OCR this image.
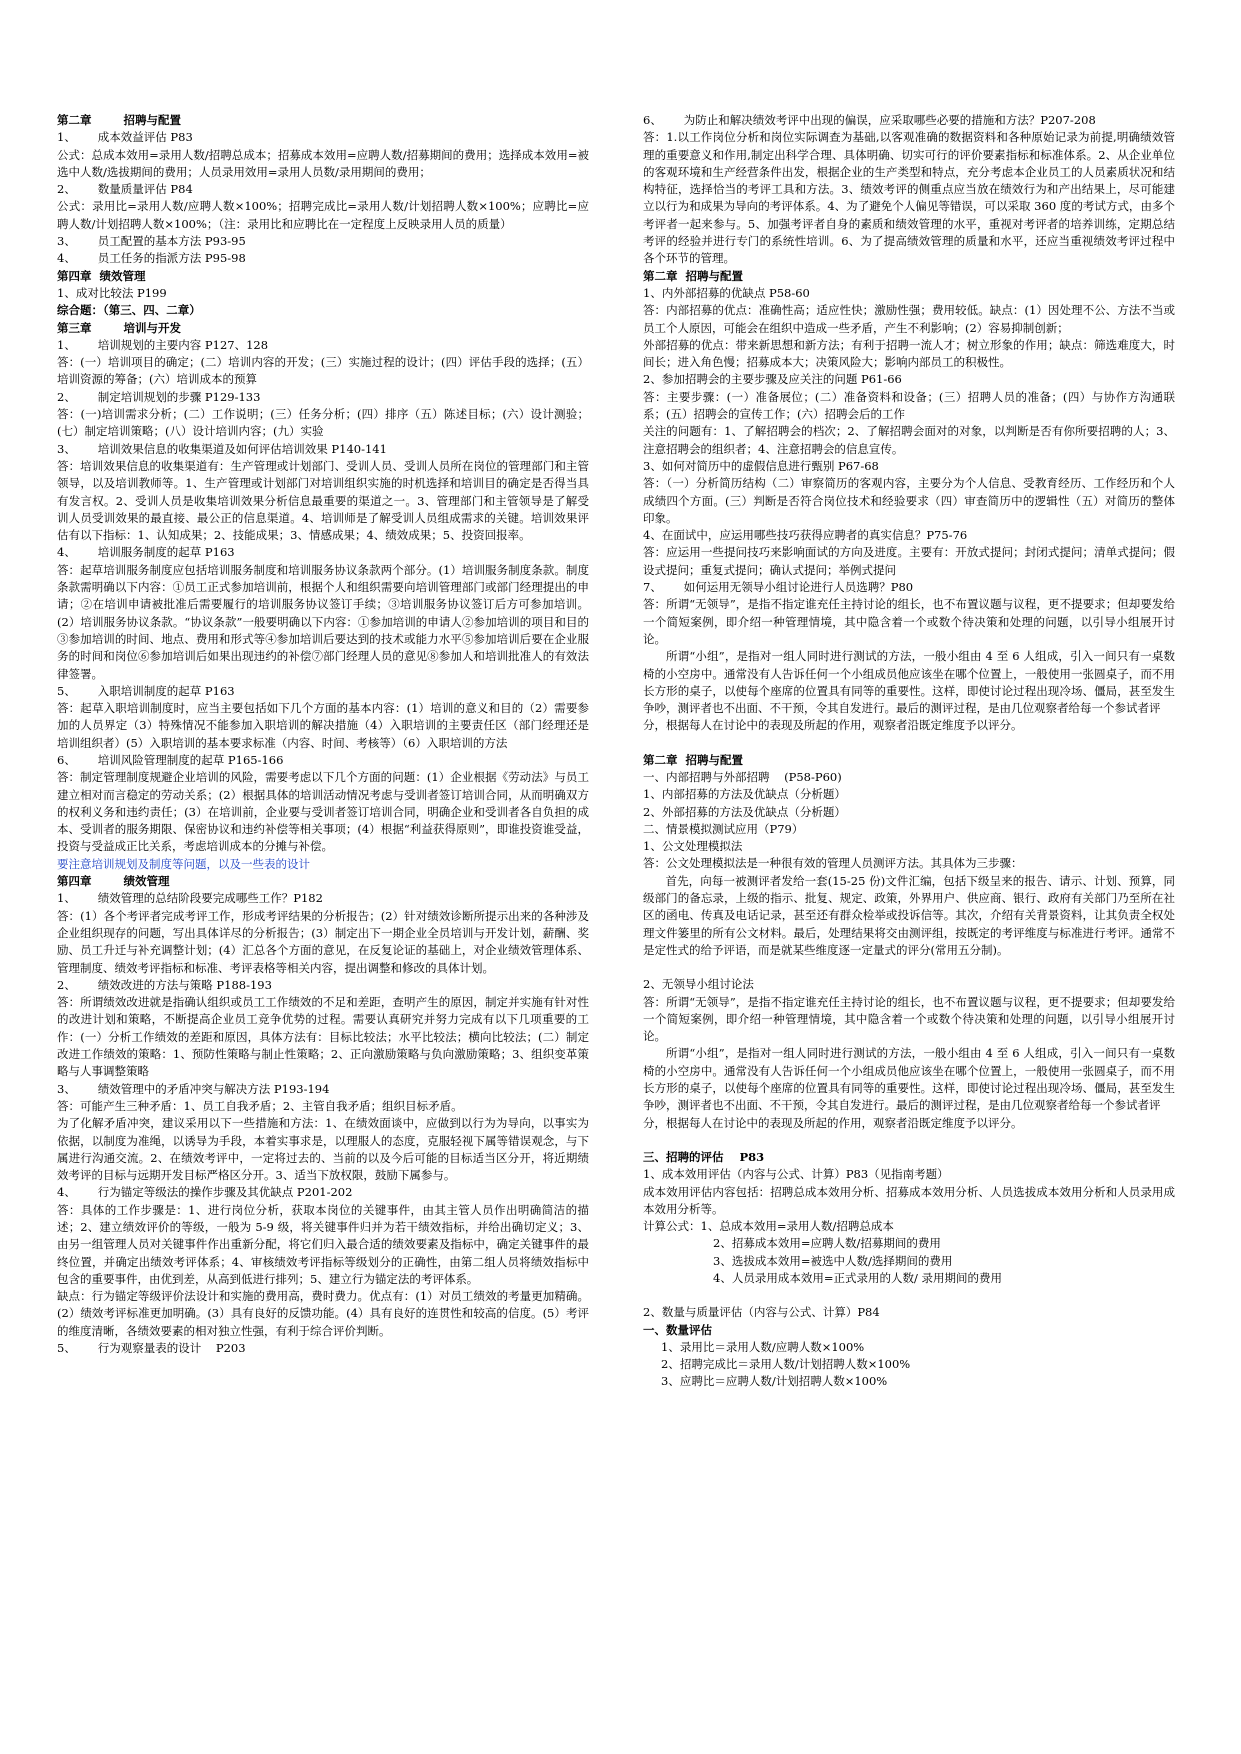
第二章        招聘与配置

1、      成本效益评估 P83

公式：总成本效用=录用人数/招聘总成本；招募成本效用=应聘人数/招募期间的费用；选择成本效用=被选中人数/选拔期间的费用；人员录用效用=录用人员数/录用期间的费用；

2、      数量质量评估 P84

公式：录用比=录用人数/应聘人数×100%；招聘完成比=录用人数/计划招聘人数×100%；应聘比=应聘人数/计划招聘人数×100%；（注：录用比和应聘比在一定程度上反映录用人员的质量）

3、      员工配置的基本方法 P93-95

4、      员工任务的指派方法 P95-98

第四章  绩效管理

1、成对比较法 P199

综合题：（第三、四、二章）

第三章        培训与开发

1、      培训规划的主要内容 P127、128

答：(一）培训项目的确定；(二）培训内容的开发；(三）实施过程的设计；(四）评估手段的选择；(五）培训资源的筹备；(六）培训成本的预算

2、      制定培训规划的步骤 P129-133

答：(一)培训需求分析；(二）工作说明；(三）任务分析；(四）排序（五）陈述目标；(六）设计测验；(七）制定培训策略；(八）设计培训内容；(九）实验

3、      培训效果信息的收集渠道及如何评估培训效果 P140-141

答：培训效果信息的收集渠道有：生产管理或计划部门、受训人员、受训人员所在岗位的管理部门和主管领导，以及培训教师等。1、生产管理或计划部门对培训组织实施的时机选择和培训目的确定是否得当具有发言权。2、受训人员是收集培训效果分析信息最重要的渠道之一。3、管理部门和主管领导是了解受训人员受训效果的最直接、最公正的信息渠道。4、培训师是了解受训人员组成需求的关键。培训效果评估有以下指标：1、认知成果；2、技能成果；3、情感成果；4、绩效成果；5、投资回报率。

4、      培训服务制度的起草 P163

答：起草培训服务制度应包括培训服务制度和培训服务协议条款两个部分。(1）培训服务制度条款。制度条款需明确以下内容：①员工正式参加培训前，根据个人和组织需要向培训管理部门或部门经理提出的申请；②在培训申请被批准后需要履行的培训服务协议签订手续；③培训服务协议签订后方可参加培训。(2）培训服务协议条款。“协议条款”一般要明确以下内容：①参加培训的申请人②参加培训的项目和目的③参加培训的时间、地点、费用和形式等④参加培训后要达到的技术或能力水平⑤参加培训后要在企业服务的时间和岗位⑥参加培训后如果出现违约的补偿⑦部门经理人员的意见⑧参加人和培训批准人的有效法律签署。

5、      入职培训制度的起草 P163

答：起草入职培训制度时，应当主要包括如下几个方面的基本内容：(1）培训的意义和目的（2）需要参加的人员界定（3）特殊情况不能参加入职培训的解决措施（4）入职培训的主要责任区（部门经理还是培训组织者）(5）入职培训的基本要求标准（内容、时间、考核等）（6）入职培训的方法

6、      培训风险管理制度的起草 P165-166

答：制定管理制度规避企业培训的风险，需要考虑以下几个方面的问题：(1）企业根据《劳动法》与员工建立相对而言稳定的劳动关系；(2）根据具体的培训活动情况考虑与受训者签订培训合同，从而明确双方的权利义务和违约责任；(3）在培训前，企业要与受训者签订培训合同，明确企业和受训者各自负担的成本、受训者的服务期限、保密协议和违约补偿等相关事项；(4）根据“利益获得原则”，即谁投资谁受益，投资与受益成正比关系，考虑培训成本的分摊与补偿。

要注意培训规划及制度等问题，以及一些表的设计

第四章        绩效管理

1、      绩效管理的总结阶段要完成哪些工作？P182

答：(1）各个考评者完成考评工作，形成考评结果的分析报告；(2）针对绩效诊断所提示出来的各种涉及企业组织现存的问题，写出具体详尽的分析报告；(3）制定出下一期企业全员培训与开发计划，薪酬、奖励、员工升迁与补充调整计划；(4）汇总各个方面的意见，在反复论证的基础上，对企业绩效管理体系、管理制度、绩效考评指标和标准、考评表格等相关内容，提出调整和修改的具体计划。

2、      绩效改进的方法与策略 P188-193

答：所谓绩效改进就是指确认组织或员工工作绩效的不足和差距，查明产生的原因，制定并实施有针对性的改进计划和策略，不断提高企业员工竞争优势的过程。需要认真研究并努力完成有以下几项重要的工作：(一）分析工作绩效的差距和原因，具体方法有：目标比较法；水平比较法；横向比较法；(二）制定改进工作绩效的策略：1、预防性策略与制止性策略；2、正向激励策略与负向激励策略；3、组织变革策略与人事调整策略

3、      绩效管理中的矛盾冲突与解决方法 P193-194

答：可能产生三种矛盾：1、员工自我矛盾；2、主管自我矛盾；组织目标矛盾。

为了化解矛盾冲突，建议采用以下一些措施和方法：1、在绩效面谈中，应做到以行为为导向，以事实为依据，以制度为准绳，以诱导为手段，本着实事求是，以理服人的态度，克服轻视下属等错误观念，与下属进行沟通交流。2、在绩效考评中，一定将过去的、当前的以及今后可能的目标适当区分开，将近期绩效考评的目标与远期开发目标严格区分开。3、适当下放权限，鼓励下属参与。

4、      行为锚定等级法的操作步骤及其优缺点 P201-202

答：具体的工作步骤是：1、进行岗位分析，获取本岗位的关键事件，由其主管人员作出明确简洁的描述；2、建立绩效评价的等级，一般为 5-9 级，将关键事件归并为若干绩效指标，并给出确切定义；3、由另一组管理人员对关键事件作出重新分配，将它们归入最合适的绩效要素及指标中，确定关键事件的最终位置，并确定出绩效考评体系；4、审核绩效考评指标等级划分的正确性，由第二组人员将绩效指标中包含的重要事件，由优到差，从高到低进行排列；5、建立行为锚定法的考评体系。

缺点：行为锚定等级评价法设计和实施的费用高，费时费力。优点有：(1）对员工绩效的考量更加精确。(2）绩效考评标准更加明确。(3）具有良好的反馈功能。(4）具有良好的连贯性和较高的信度。(5）考评的维度清晰，各绩效要素的相对独立性强，有利于综合评价判断。

5、      行为观察量表的设计    P203

6、      为防止和解决绩效考评中出现的偏误，应采取哪些必要的措施和方法？P207-208

答：1.以工作岗位分析和岗位实际调查为基础,以客观准确的数据资料和各种原始记录为前提,明确绩效管理的重要意义和作用,制定出科学合理、具体明确、切实可行的评价要素指标和标准体系。2、从企业单位的客观环境和生产经营条件出发，根据企业的生产类型和特点，充分考虑本企业员工的人员素质状况和结构特征，选择恰当的考评工具和方法。3、绩效考评的侧重点应当放在绩效行为和产出结果上，尽可能建立以行为和成果为导向的考评体系。4、为了避免个人偏见等错误，可以采取 360 度的考试方式，由多个考评者一起来参与。5、加强考评者自身的素质和绩效管理的水平，重视对考评者的培养训练，定期总结考评的经验并进行专门的系统性培训。6、为了提高绩效管理的质量和水平，还应当重视绩效考评过程中各个环节的管理。

第二章  招聘与配置

1、内外部招募的优缺点 P58-60

答：内部招募的优点：准确性高；适应性快；激励性强；费用较低。缺点：(1）因处理不公、方法不当或员工个人原因，可能会在组织中造成一些矛盾，产生不利影响；(2）容易抑制创新；

外部招募的优点：带来新思想和新方法；有利于招聘一流人才；树立形象的作用；缺点：筛选难度大，时间长；进入角色慢；招募成本大；决策风险大；影响内部员工的积极性。

2、参加招聘会的主要步骤及应关注的问题 P61-66

答：主要步骤：(一）准备展位；(二）准备资料和设备；(三）招聘人员的准备；(四）与协作方沟通联系；(五）招聘会的宣传工作；(六）招聘会后的工作

关注的问题有：1、了解招聘会的档次；2、了解招聘会面对的对象，以判断是否有你所要招聘的人；3、注意招聘会的组织者；4、注意招聘会的信息宣传。

3、如何对简历中的虚假信息进行甄别 P67-68

答：（一）分析简历结构（二）审察简历的客观内容，主要分为个人信息、受教育经历、工作经历和个人成绩四个方面。(三）判断是否符合岗位技术和经验要求（四）审查简历中的逻辑性（五）对简历的整体印象。

4、在面试中，应运用哪些技巧获得应聘者的真实信息？P75-76

答：应运用一些提问技巧来影响面试的方向及进度。主要有：开放式提问；封闭式提问；清单式提问；假设式提问；重复式提问；确认式提问；举例式提问

7、      如何运用无领导小组讨论进行人员选聘？P80

答：所谓“无领导”，是指不指定谁充任主持讨论的组长，也不布置议题与议程，更不提要求；但却要发给一个简短案例，即介绍一种管理情境，其中隐含着一个或数个待决策和处理的问题，以引导小组展开讨论。

所谓“小组”，是指对一组人同时进行测试的方法，一般小组由 4 至 6 人组成，引入一间只有一桌数椅的小空房中。通常没有人告诉任何一个小组成员他应该坐在哪个位置上，一般使用一张圆桌子，而不用长方形的桌子，以使每个座席的位置具有同等的重要性。这样，即使讨论过程出现冷场、僵局，甚至发生争吵，测评者也不出面、不干预，令其自发进行。最后的测评过程，是由几位观察者给每一个参试者评

分，根据每人在讨论中的表现及所起的作用，观察者沿既定维度予以评分。

第二章  招聘与配置

一、内部招聘与外部招聘    (P58-P60)

1、内部招募的方法及优缺点（分析题）

2、外部招募的方法及优缺点（分析题）

二、情景模拟测试应用（P79）

1、公文处理模拟法

答：公文处理模拟法是一种很有效的管理人员测评方法。其具体为三步骤：

首先，向每一被测评者发给一套(15-25 份)文件汇编，包括下级呈来的报告、请示、计划、预算，同级部门的备忘录，上级的指示、批复、规定、政策，外界用户、供应商、银行、政府有关部门乃至所在社区的函电、传真及电话记录，甚至还有群众检举或投诉信等。其次，介绍有关背景资料，让其负责全权处理文件篓里的所有公文材料。最后，处理结果将交由测评组，按既定的考评维度与标准进行考评。通常不是定性式的给予评语，而是就某些维度逐一定量式的评分(常用五分制)。

2、无领导小组讨论法

答：所谓“无领导”，是指不指定谁充任主持讨论的组长，也不布置议题与议程，更不提要求；但却要发给一个简短案例，即介绍一种管理情境，其中隐含着一个或数个待决策和处理的问题，以引导小组展开讨论。

所谓“小组”，是指对一组人同时进行测试的方法，一般小组由 4 至 6 人组成，引入一间只有一桌数椅的小空房中。通常没有人告诉任何一个小组成员他应该坐在哪个位置上，一般使用一张圆桌子，而不用长方形的桌子，以使每个座席的位置具有同等的重要性。这样，即使讨论过程出现冷场、僵局，甚至发生争吵，测评者也不出面、不干预，令其自发进行。最后的测评过程，是由几位观察者给每一个参试者评

分，根据每人在讨论中的表现及所起的作用，观察者沿既定维度予以评分。

三、招聘的评估    P83

1、成本效用评估（内容与公式、计算）P83（见指南考题）

成本效用评估内容包括：招聘总成本效用分析、招募成本效用分析、人员选拔成本效用分析和人员录用成本效用分析等。

计算公式：1、总成本效用=录用人数/招聘总成本

2、招募成本效用=应聘人数/招募期间的费用

3、选拔成本效用=被选中人数/选择期间的费用

4、人员录用成本效用=正式录用的人数/ 录用期间的费用

2、数量与质量评估（内容与公式、计算）P84

一、数量评估

1、录用比＝录用人数/应聘人数×100%

2、招聘完成比＝录用人数/计划招聘人数×100%

3、应聘比＝应聘人数/计划招聘人数×100%
